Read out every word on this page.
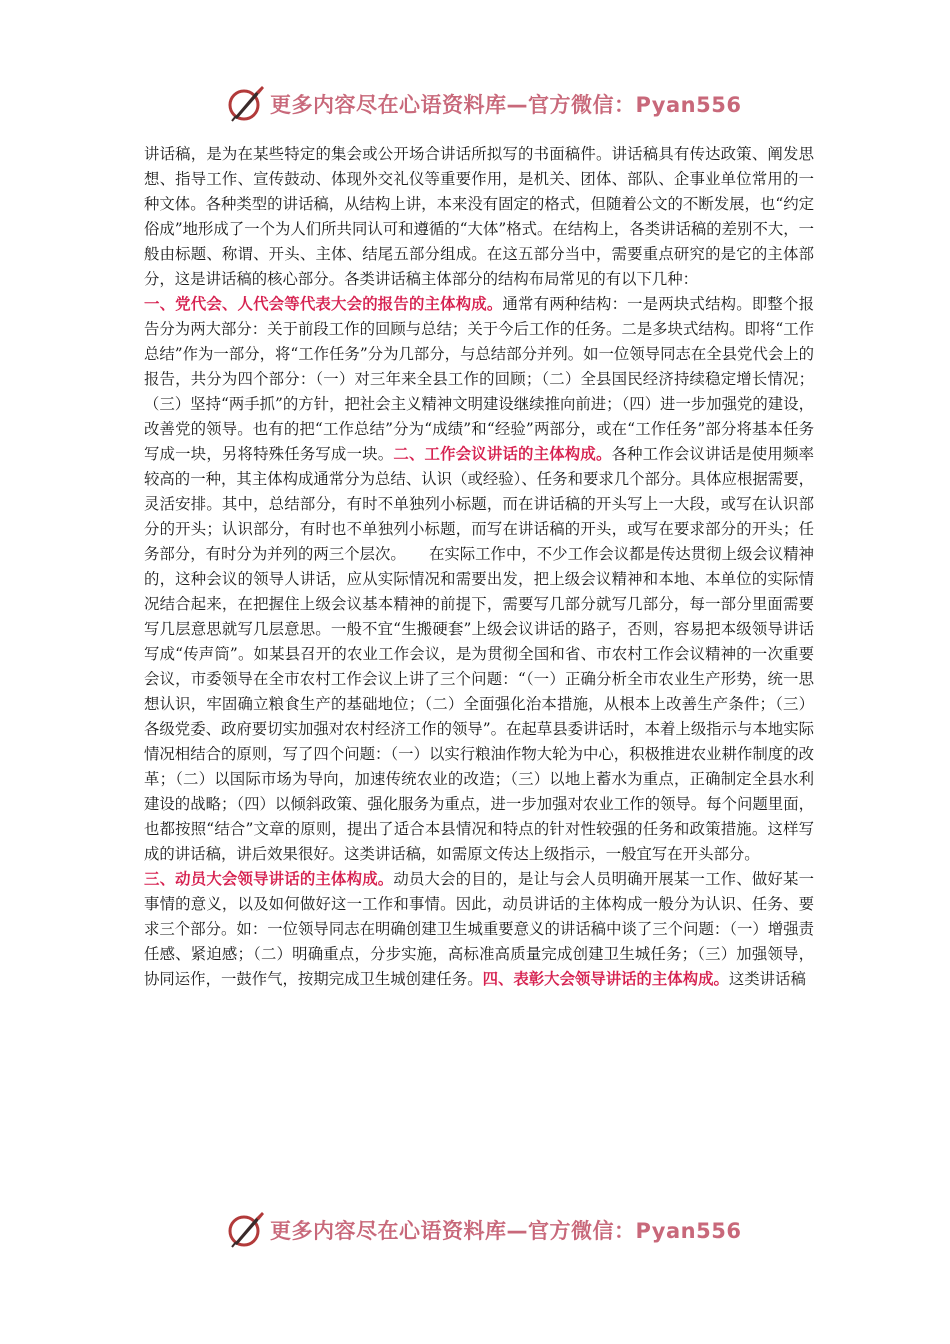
更多内容尽在心语资料库—官方微信：Pyan556

讲话稿，是为在某些特定的集会或公开场合讲话所拟写的书面稿件。讲话稿具有传达政策、阐发思想、指导工作、宣传鼓动、体现外交礼仪等重要作用，是机关、团体、部队、企事业单位常用的一种文体。各种类型的讲话稿，从结构上讲，本来没有固定的格式，但随着公文的不断发展，也“约定俗成”地形成了一个为人们所共同认可和遵循的“大体”格式。在结构上，各类讲话稿的差别不大，一般由标题、称谓、开头、主体、结尾五部分组成。在这五部分当中，需要重点研究的是它的主体部分，这是讲话稿的核心部分。各类讲话稿主体部分的结构布局常见的有以下几种：

一、党代会、人代会等代表大会的报告的主体构成。通常有两种结构：一是两块式结构。即整个报告分为两大部分：关于前段工作的回顾与总结；关于今后工作的任务。二是多块式结构。即将“工作总结”作为一部分，将“工作任务”分为几部分，与总结部分并列。如一位领导同志在全县党代会上的报告，共分为四个部分：（一）对三年来全县工作的回顾；（二）全县国民经济持续稳定增长情况；（三）坚持“两手抓”的方针，把社会主义精神文明建设继续推向前进；（四）进一步加强党的建设，改善党的领导。也有的把“工作总结”分为“成绩”和“经验”两部分，或在“工作任务”部分将基本任务写成一块，另将特殊任务写成一块。二、工作会议讲话的主体构成。各种工作会议讲话是使用频率较高的一种，其主体构成通常分为总结、认识（或经验）、任务和要求几个部分。具体应根据需要，灵活安排。其中，总结部分，有时不单独列小标题，而在讲话稿的开头写上一大段，或写在认识部分的开头；认识部分，有时也不单独列小标题，而写在讲话稿的开头，或写在要求部分的开头；任务部分，有时分为并列的两三个层次。　　在实际工作中，不少工作会议都是传达贯彻上级会议精神的，这种会议的领导人讲话，应从实际情况和需要出发，把上级会议精神和本地、本单位的实际情况结合起来，在把握住上级会议基本精神的前提下，需要写几部分就写几部分，每一部分里面需要写几层意思就写几层意思。一般不宜“生搬硬套”上级会议讲话的路子，否则，容易把本级领导讲话写成“传声筒”。如某县召开的农业工作会议，是为贯彻全国和省、市农村工作会议精神的一次重要会议，市委领导在全市农村工作会议上讲了三个问题：“（一）正确分析全市农业生产形势，统一思想认识，牢固确立粮食生产的基础地位；（二）全面强化治本措施，从根本上改善生产条件；（三）各级党委、政府要切实加强对农村经济工作的领导”。在起草县委讲话时，本着上级指示与本地实际情况相结合的原则，写了四个问题：（一）以实行粮油作物大轮为中心，积极推进农业耕作制度的改革；（二）以国际市场为导向，加速传统农业的改造；（三）以地上蓄水为重点，正确制定全县水利建设的战略；（四）以倾斜政策、强化服务为重点，进一步加强对农业工作的领导。每个问题里面，也都按照“结合”文章的原则，提出了适合本县情况和特点的针对性较强的任务和政策措施。这样写成的讲话稿，讲后效果很好。这类讲话稿，如需原文传达上级指示，一般宜写在开头部分。

三、动员大会领导讲话的主体构成。动员大会的目的，是让与会人员明确开展某一工作、做好某一事情的意义，以及如何做好这一工作和事情。因此，动员讲话的主体构成一般分为认识、任务、要求三个部分。如：一位领导同志在明确创建卫生城重要意义的讲话稿中谈了三个问题：（一）增强责任感、紧迫感；（二）明确重点，分步实施，高标准高质量完成创建卫生城任务；（三）加强领导，协同运作，一鼓作气，按期完成卫生城创建任务。四、表彰大会领导讲话的主体构成。这类讲话稿

更多内容尽在心语资料库—官方微信：Pyan556
